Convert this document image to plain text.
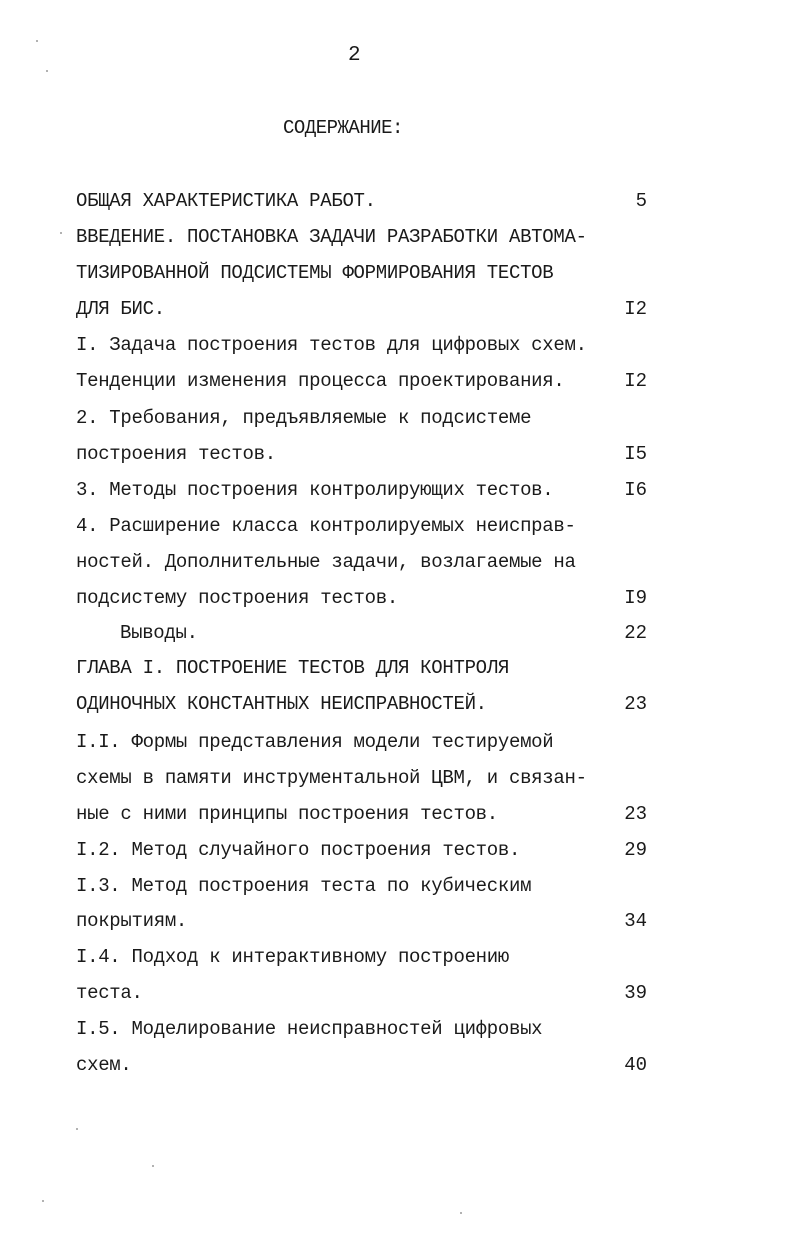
2
СОДЕРЖАНИЕ:
ОБЩАЯ ХАРАКТЕРИСТИКА РАБОТ.	5
ВВЕДЕНИЕ. ПОСТАНОВКА ЗАДАЧИ РАЗРАБОТКИ АВТОМА-
ТИЗИРОВАННОЙ ПОДСИСТЕМЫ ФОРМИРОВАНИЯ ТЕСТОВ
ДЛЯ БИС.	I2
I. Задача построения тестов для цифровых схем.
Тенденции изменения процесса проектирования.	I2
2. Требования, предъявляемые к подсистеме
построения тестов.	I5
3. Методы построения контролирующих тестов.	I6
4. Расширение класса контролируемых неисправ-
ностей. Дополнительные задачи, возлагаемые на
подсистему построения тестов.	I9
Выводы.	22
ГЛАВА I. ПОСТРОЕНИЕ ТЕСТОВ ДЛЯ КОНТРОЛЯ
ОДИНОЧНЫХ КОНСТАНТНЫХ НЕИСПРАВНОСТЕЙ.	23
I.I. Формы представления модели тестируемой
схемы в памяти инструментальной ЦВМ, и связан-
ные с ними принципы построения тестов.	23
I.2. Метод случайного построения тестов.	29
I.3. Метод построения теста по кубическим
покрытиям.	34
I.4. Подход к интерактивному построению
теста.	39
I.5. Моделирование неисправностей цифровых
схем.	40
